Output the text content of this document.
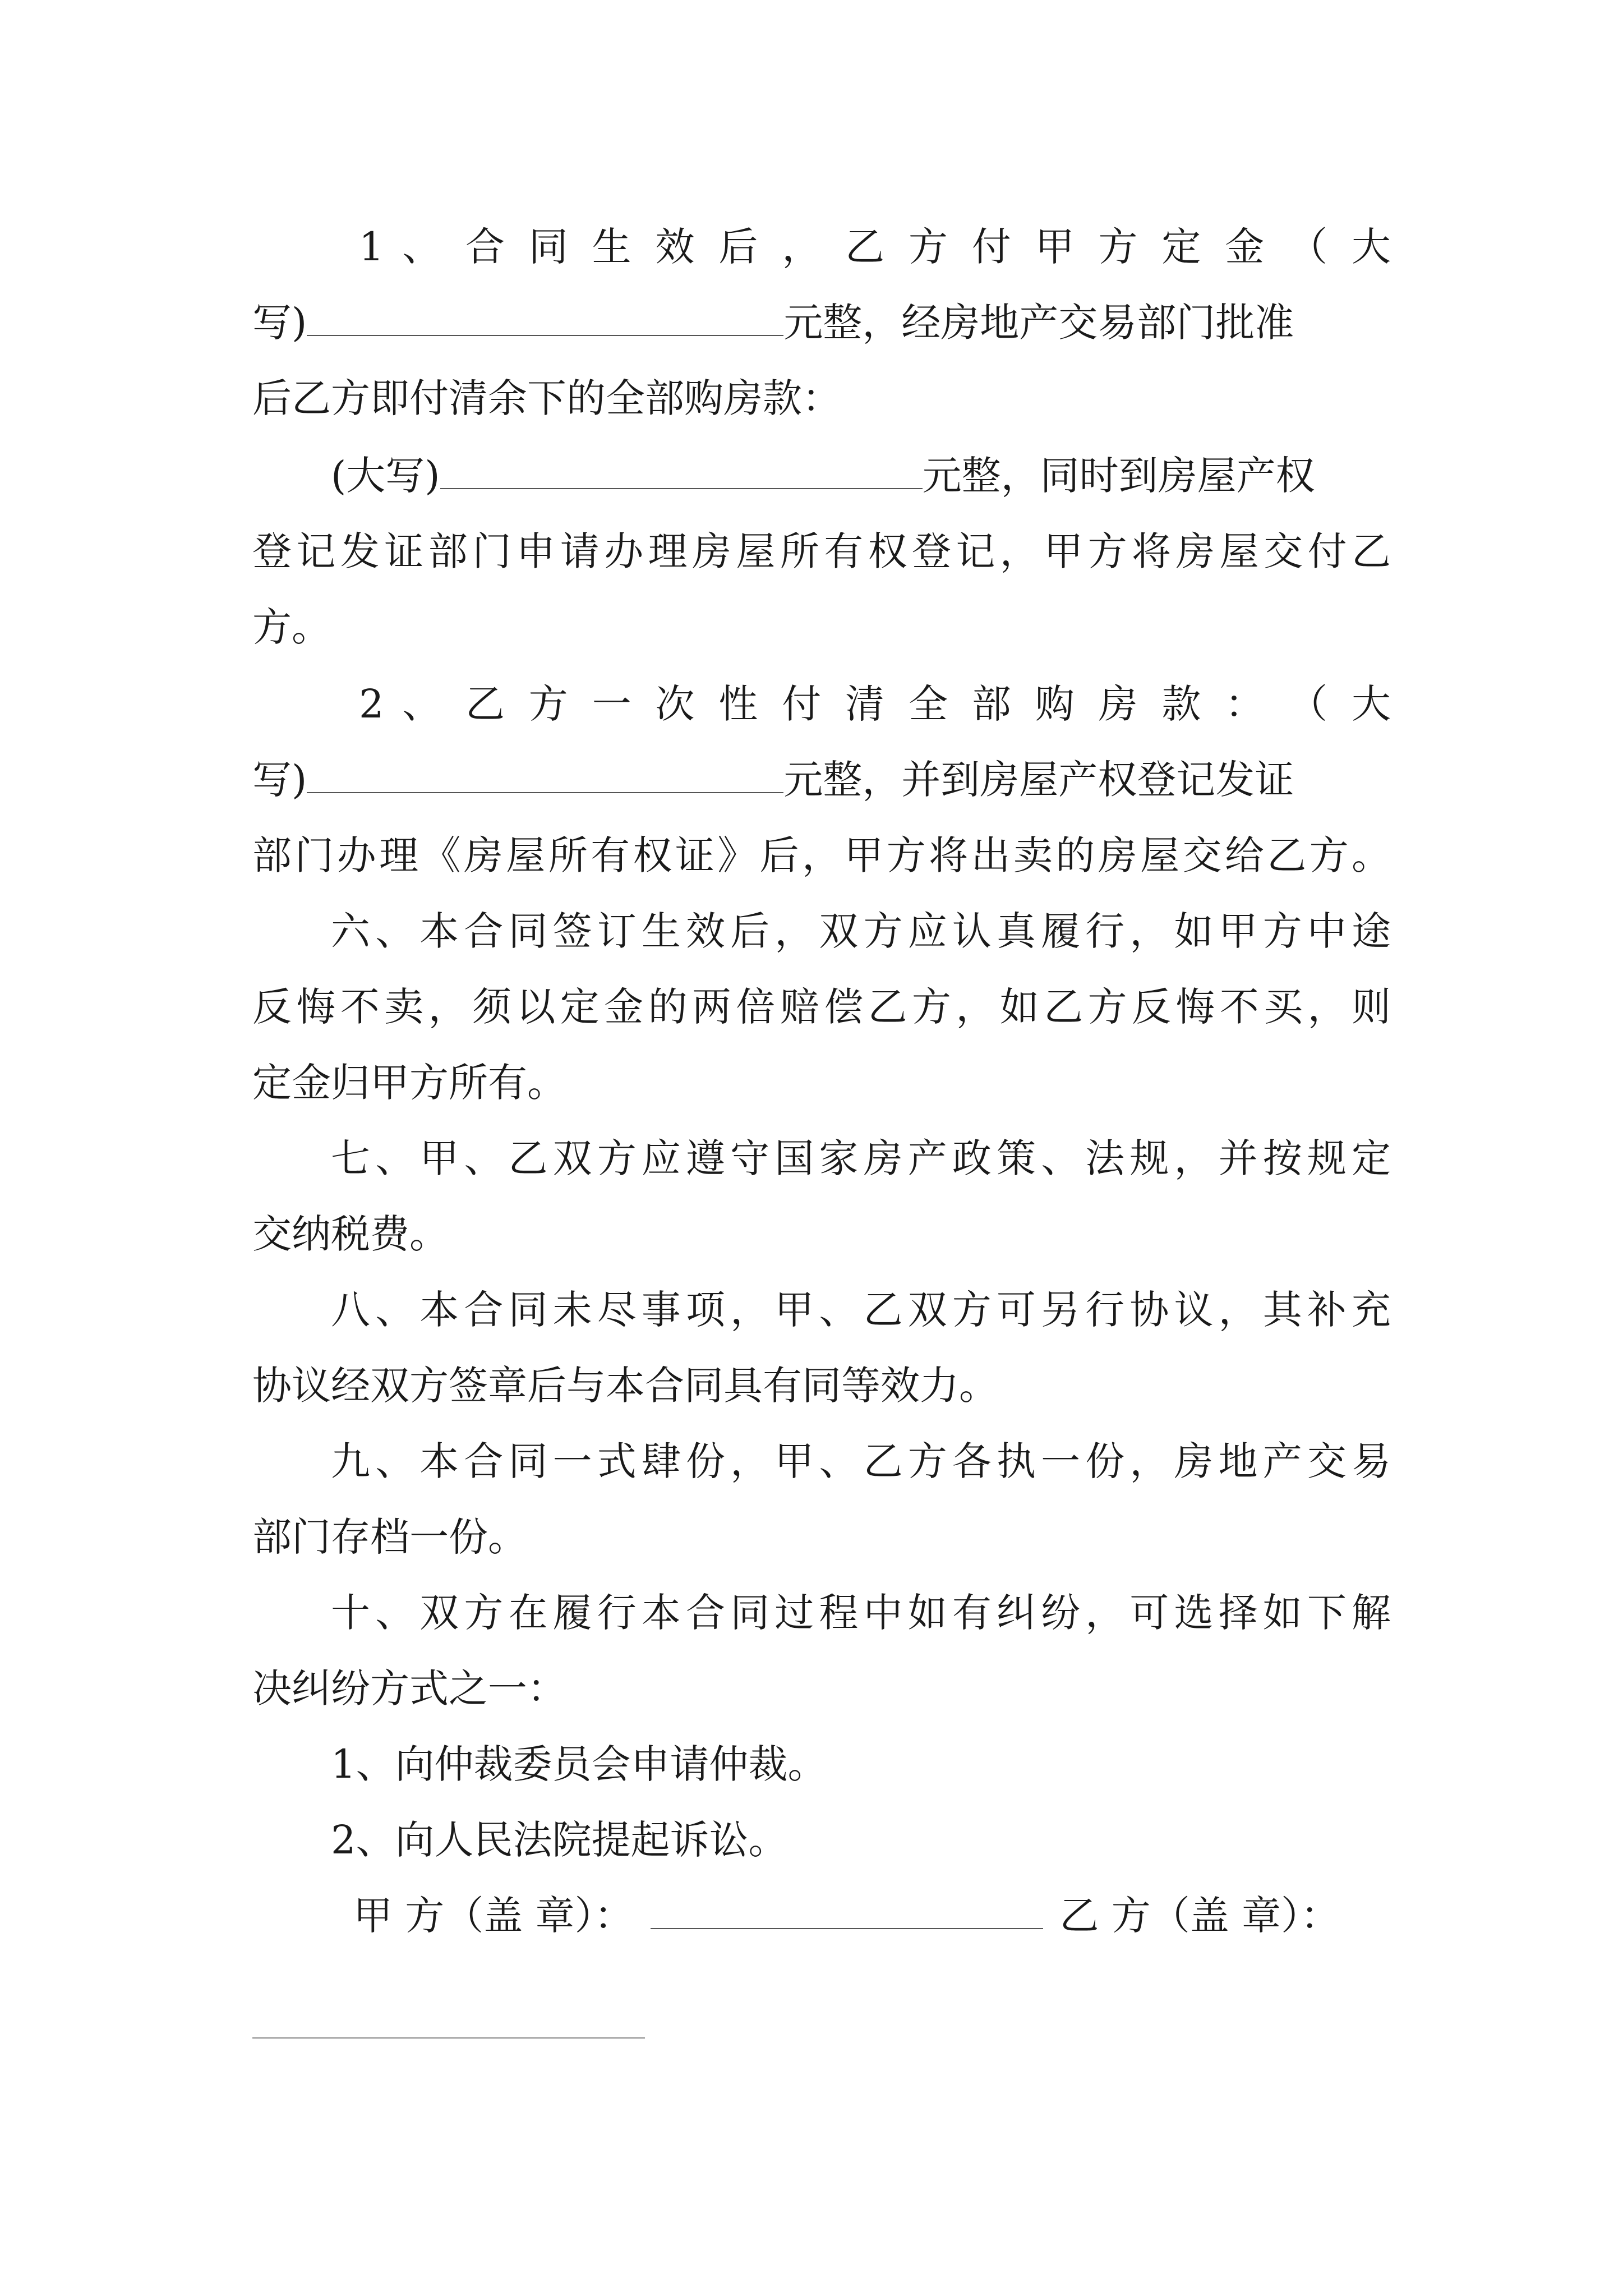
1 、 合 同 生 效 后 ， 乙 方 付 甲 方 定 金 （ 大
写)	元整，经房地产交易部门批准
后乙方即付清余下的全部购房款：
(大写)	元整，同时到房屋产权
登记发证部门申请办理房屋所有权登记，甲方将房屋交付乙
方。
2 、 乙 方 一 次 性 付 清 全 部 购 房 款 ： （ 大
写)	元整，并到房屋产权登记发证
部门办理《房屋所有权证》后，甲方将出卖的房屋交给乙方。
六、本合同签订生效后，双方应认真履行，如甲方中途
反悔不卖，须以定金的两倍赔偿乙方，如乙方反悔不买，则
定金归甲方所有。
七、甲、乙双方应遵守国家房产政策、法规，并按规定
交纳税费。
八、本合同未尽事项，甲、乙双方可另行协议，其补充
协议经双方签章后与本合同具有同等效力。
九、本合同一式肆份，甲、乙方各执一份，房地产交易
部门存档一份。
十、双方在履行本合同过程中如有纠纷，可选择如下解
决纠纷方式之一：
1、向仲裁委员会申请仲裁。
2、向人民法院提起诉讼。
甲 方（盖 章）：	乙 方（盖 章）：
